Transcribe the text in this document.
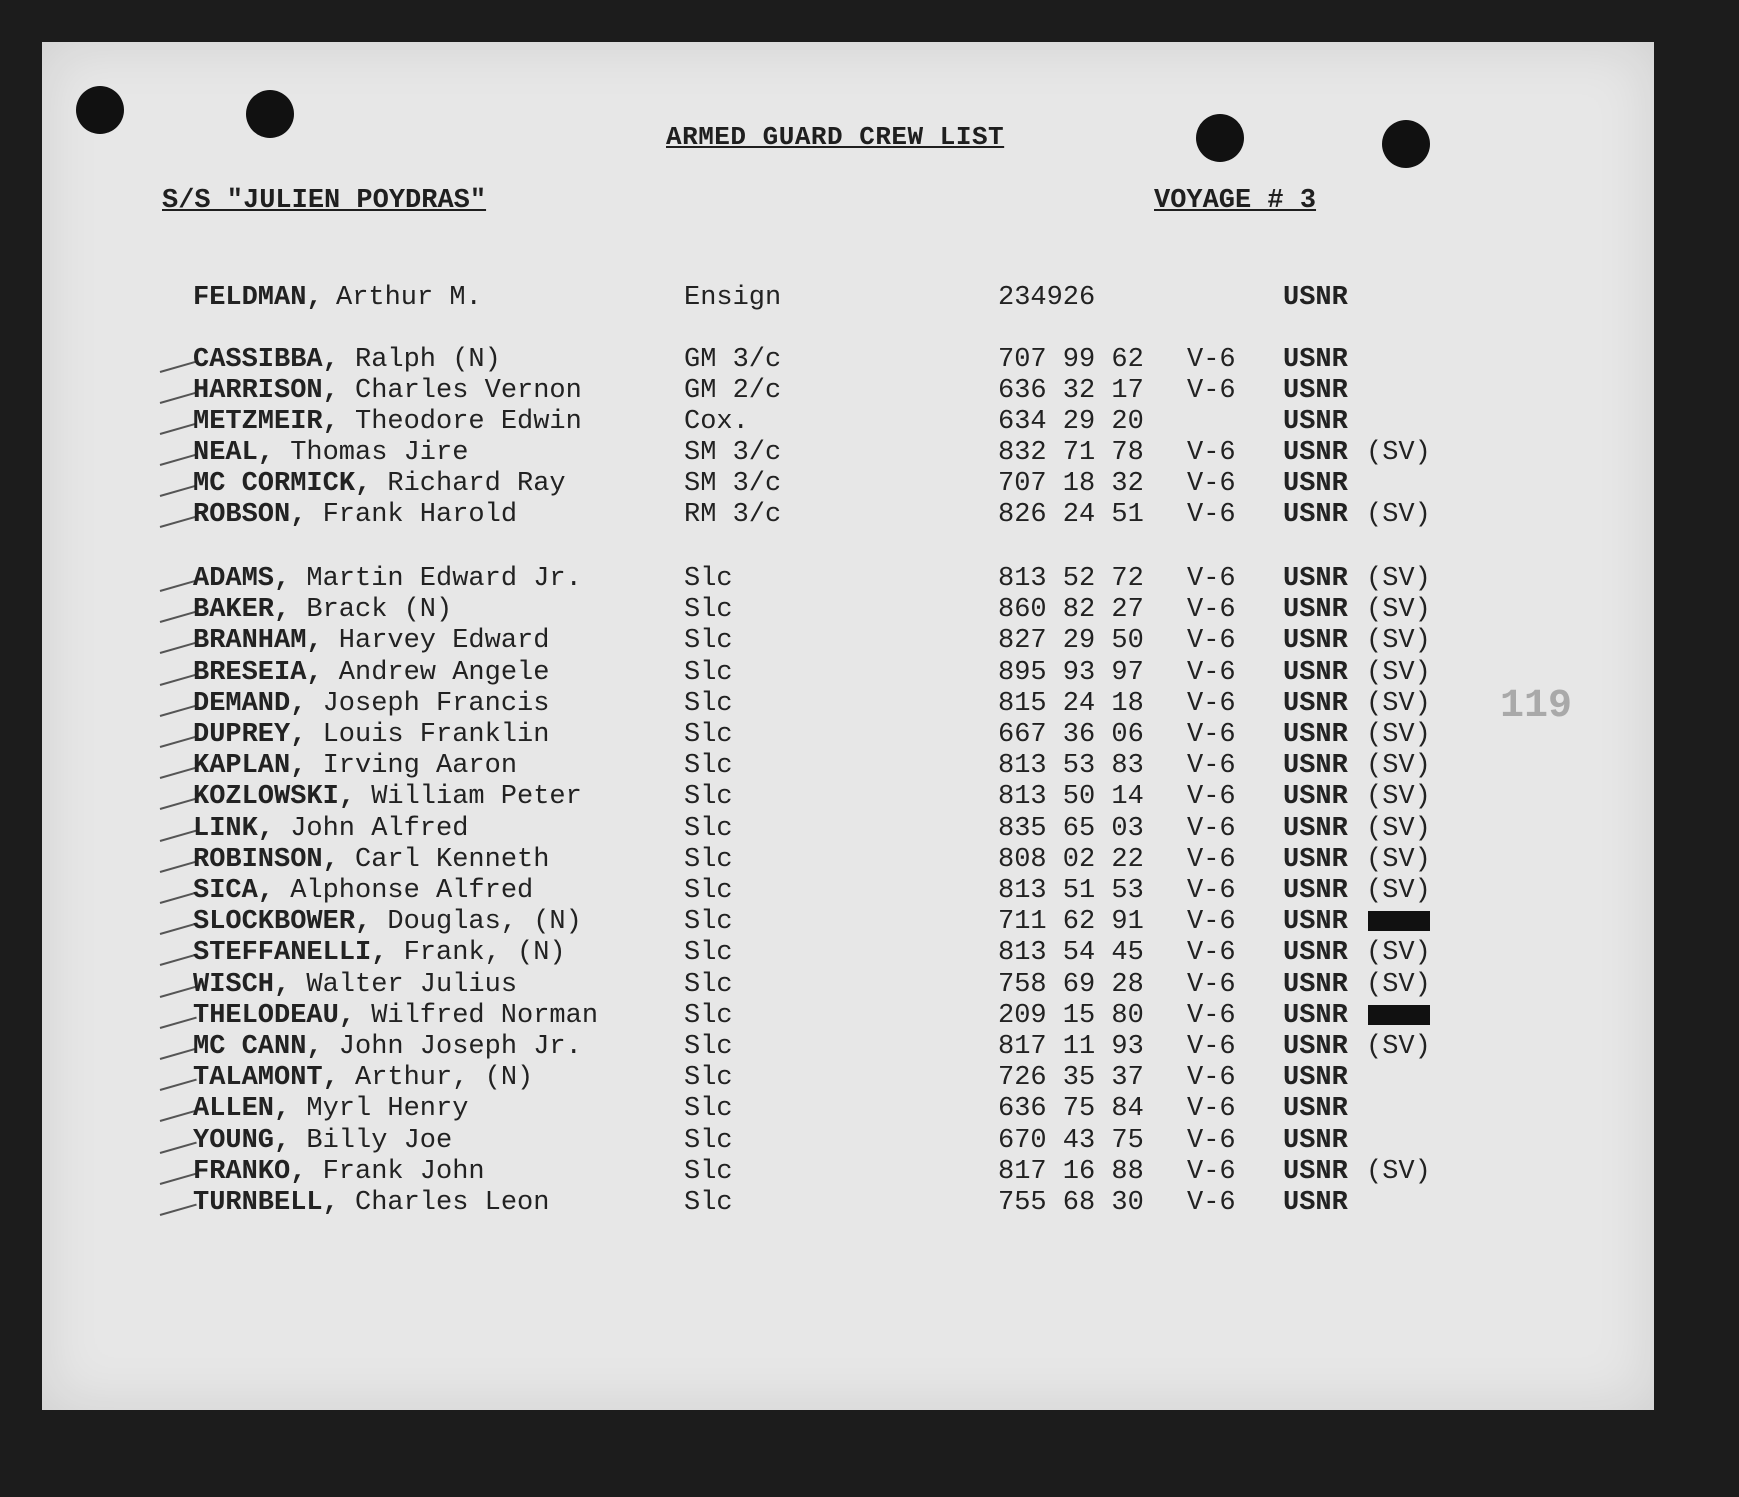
ARMED GUARD CREW LIST
S/S "JULIEN POYDRAS"	VOYAGE # 3
119
FELDMAN, Arthur M.	Ensign	234926	USNR
CASSIBBA, Ralph (N)	GM 3/c	707 99 62 V-6 USNR
HARRISON, Charles Vernon	GM 2/c	636 32 17 V-6 USNR
METZMEIR, Theodore Edwin	Cox.	634 29 20	USNR
NEAL, Thomas Jire	SM 3/c	832 71 78 V-6 USNR (SV)
MC CORMICK, Richard Ray	SM 3/c	707 18 32 V-6 USNR
ROBSON, Frank Harold	RM 3/c	826 24 51 V-6 USNR (SV)
ADAMS, Martin Edward Jr.	Slc	813 52 72 V-6 USNR (SV)
BAKER, Brack (N)	Slc	860 82 27 V-6 USNR (SV)
BRANHAM, Harvey Edward	Slc	827 29 50 V-6 USNR (SV)
BRESEIA, Andrew Angele	Slc	895 93 97 V-6 USNR (SV)
DEMAND, Joseph Francis	Slc	815 24 18 V-6 USNR (SV)
DUPREY, Louis Franklin	Slc	667 36 06 V-6 USNR (SV)
KAPLAN, Irving Aaron	Slc	813 53 83 V-6 USNR (SV)
KOZLOWSKI, William Peter	Slc	813 50 14 V-6 USNR (SV)
LINK, John Alfred	Slc	835 65 03 V-6 USNR (SV)
ROBINSON, Carl Kenneth	Slc	808 02 22 V-6 USNR (SV)
SICA, Alphonse Alfred	Slc	813 51 53 V-6 USNR (SV)
SLOCKBOWER, Douglas, (N)	Slc	711 62 91 V-6 USNR
STEFFANELLI, Frank, (N)	Slc	813 54 45 V-6 USNR (SV)
WISCH, Walter Julius	Slc	758 69 28 V-6 USNR (SV)
THELODEAU, Wilfred Norman	Slc	209 15 80 V-6 USNR
MC CANN, John Joseph Jr.	Slc	817 11 93 V-6 USNR (SV)
TALAMONT, Arthur, (N)	Slc	726 35 37 V-6 USNR
ALLEN, Myrl Henry	Slc	636 75 84 V-6 USNR
YOUNG, Billy Joe	Slc	670 43 75 V-6 USNR
FRANKO, Frank John	Slc	817 16 88 V-6 USNR (SV)
TURNBELL, Charles Leon	Slc	755 68 30 V-6 USNR
